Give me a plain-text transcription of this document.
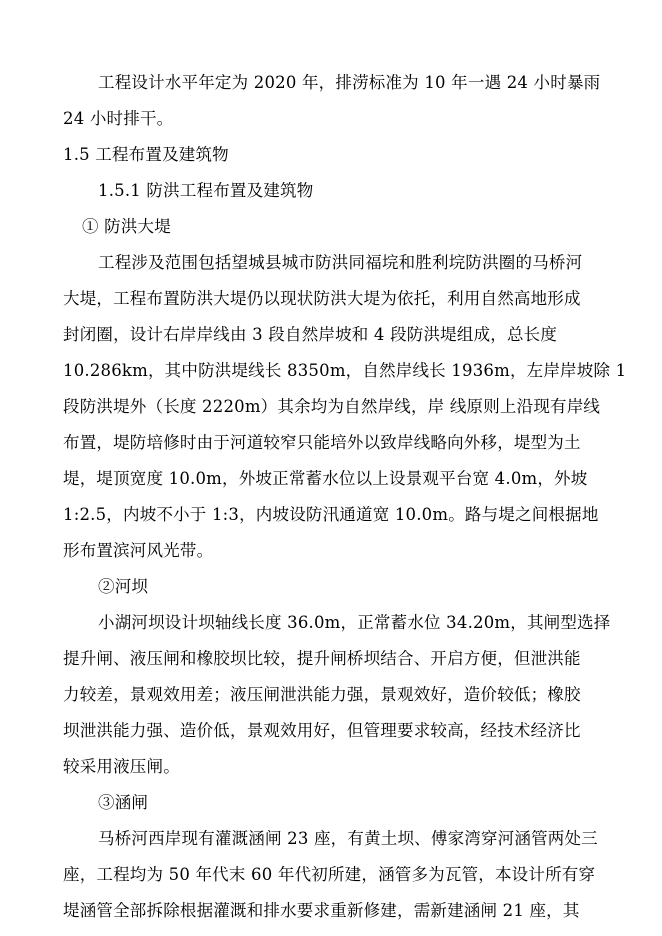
工程设计水平年定为 2020 年，排涝标准为 10 年一遇 24 小时暴雨
24 小时排干。
1.5 工程布置及建筑物
1.5.1 防洪工程布置及建筑物
① 防洪大堤
工程涉及范围包括望城县城市防洪同福垸和胜利垸防洪圈的马桥河
大堤，工程布置防洪大堤仍以现状防洪大堤为依托，利用自然高地形成
封闭圈，设计右岸岸线由 3 段自然岸坡和 4 段防洪堤组成，总长度
10.286km，其中防洪堤线长 8350m，自然岸线长 1936m，左岸岸坡除 1
段防洪堤外（长度 2220m）其余均为自然岸线，岸 线原则上沿现有岸线
布置，堤防培修时由于河道较窄只能培外以致岸线略向外移，堤型为土
堤，堤顶宽度 10.0m，外坡正常蓄水位以上设景观平台宽 4.0m，外坡
1:2.5，内坡不小于 1:3，内坡设防汛通道宽 10.0m。路与堤之间根据地
形布置滨河风光带。
②河坝
小湖河坝设计坝轴线长度 36.0m，正常蓄水位 34.20m，其闸型选择
提升闸、液压闸和橡胶坝比较，提升闸桥坝结合、开启方便，但泄洪能
力较差，景观效用差；液压闸泄洪能力强，景观效好，造价较低；橡胶
坝泄洪能力强、造价低，景观效用好，但管理要求较高，经技术经济比
较采用液压闸。
③涵闸
马桥河西岸现有灌溉涵闸 23 座，有黄土坝、傅家湾穿河涵管两处三
座，工程均为 50 年代末 60 年代初所建，涵管多为瓦管，本设计所有穿
堤涵管全部拆除根据灌溉和排水要求重新修建，需新建涵闸 21 座，其
